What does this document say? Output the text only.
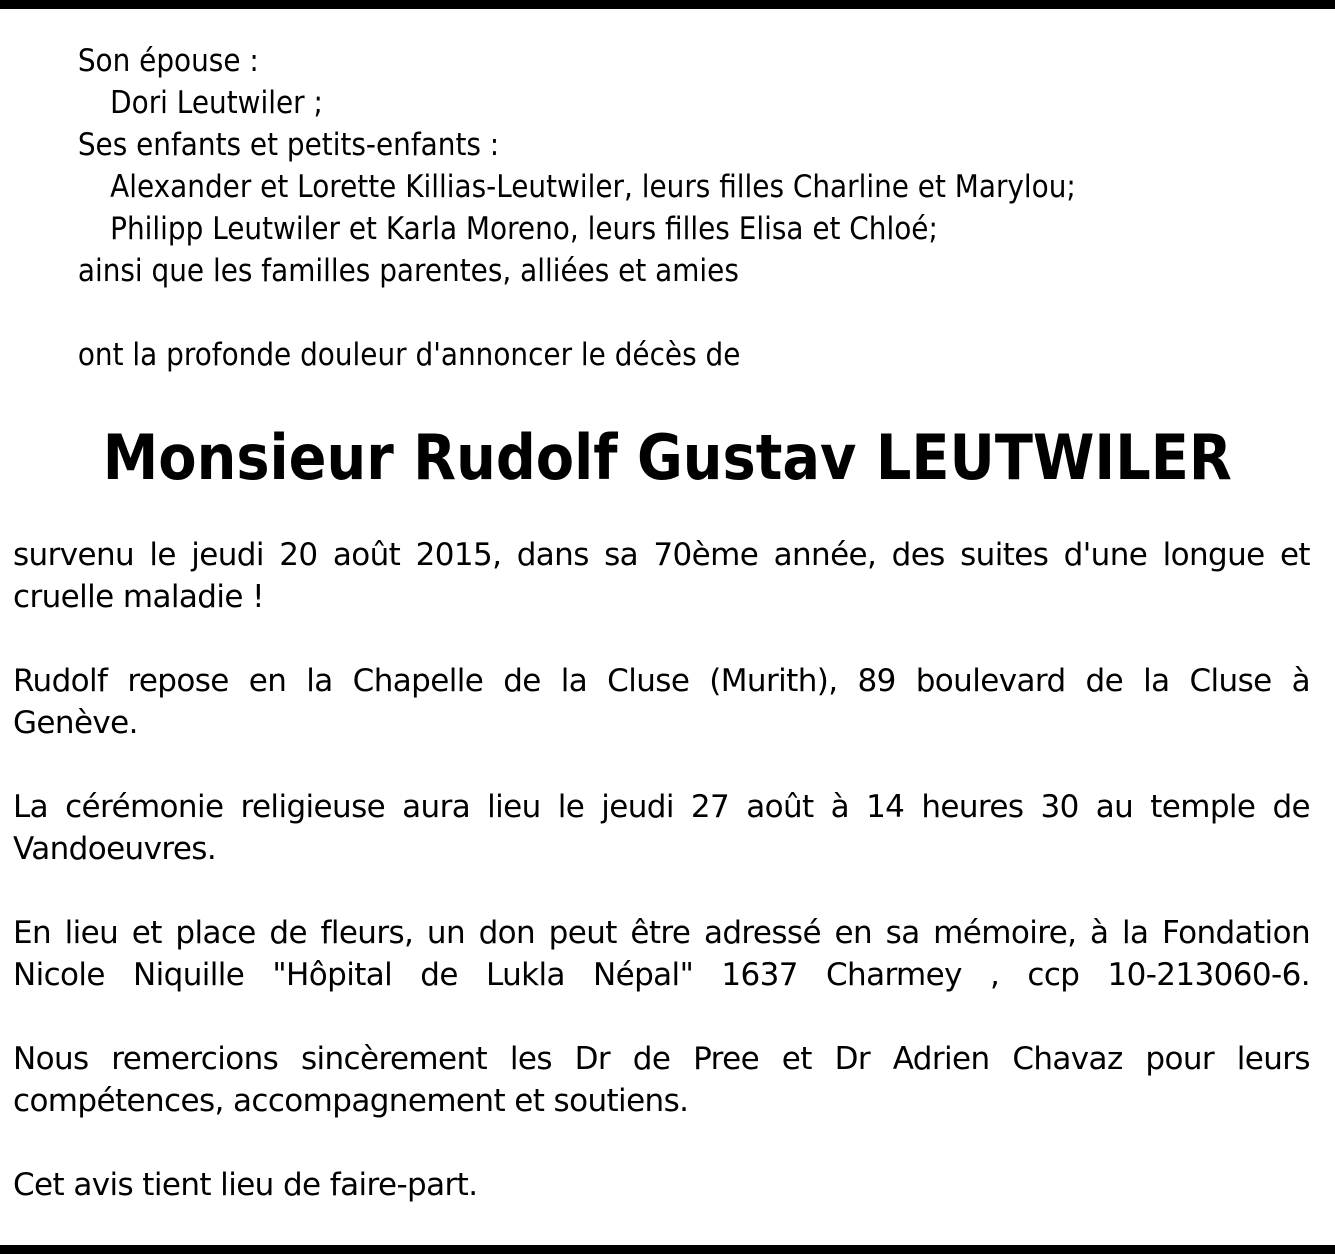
Son épouse :
Dori Leutwiler ;
Ses enfants et petits-enfants :
Alexander et Lorette Killias-Leutwiler, leurs filles Charline et Marylou;
Philipp Leutwiler et Karla Moreno, leurs filles Elisa et Chloé;
ainsi que les familles parentes, alliées et amies
ont la profonde douleur d'annoncer le décès de
Monsieur Rudolf Gustav LEUTWILER
survenu le jeudi 20 août 2015, dans sa 70ème année, des suites d'une longue et
cruelle maladie !
Rudolf repose en la Chapelle de la Cluse (Murith), 89 boulevard de la Cluse à
Genève.
La cérémonie religieuse aura lieu le jeudi 27 août à 14 heures 30 au temple de
Vandoeuvres.
En lieu et place de fleurs, un don peut être adressé en sa mémoire, à la Fondation
Nicole Niquille "Hôpital de Lukla Népal" 1637 Charmey , ccp 10-213060-6.
Nous remercions sincèrement les Dr de Pree et Dr Adrien Chavaz pour leurs
compétences, accompagnement et soutiens.
Cet avis tient lieu de faire-part.
